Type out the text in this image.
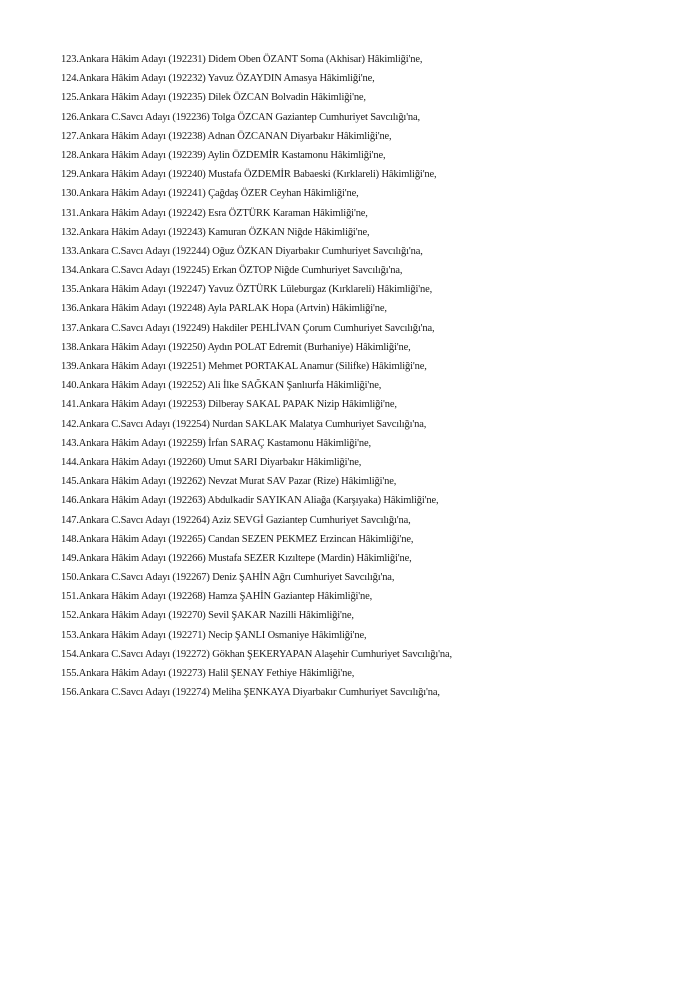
123.Ankara Hâkim Adayı (192231) Didem Oben ÖZANT Soma (Akhisar) Hâkimliği'ne,
124.Ankara Hâkim Adayı (192232) Yavuz ÖZAYDIN Amasya Hâkimliği'ne,
125.Ankara Hâkim Adayı (192235) Dilek ÖZCAN Bolvadin Hâkimliği'ne,
126.Ankara C.Savcı Adayı (192236) Tolga ÖZCAN Gaziantep Cumhuriyet Savcılığı'na,
127.Ankara Hâkim Adayı (192238) Adnan ÖZCANAN Diyarbakır Hâkimliği'ne,
128.Ankara Hâkim Adayı (192239) Aylin ÖZDEMİR Kastamonu Hâkimliği'ne,
129.Ankara Hâkim Adayı (192240) Mustafa ÖZDEMİR Babaeski (Kırklareli) Hâkimliği'ne,
130.Ankara Hâkim Adayı (192241) Çağdaş ÖZER Ceyhan Hâkimliği'ne,
131.Ankara Hâkim Adayı (192242) Esra ÖZTÜRK Karaman Hâkimliği'ne,
132.Ankara Hâkim Adayı (192243) Kamuran ÖZKAN Niğde Hâkimliği'ne,
133.Ankara C.Savcı Adayı (192244) Oğuz ÖZKAN Diyarbakır Cumhuriyet Savcılığı'na,
134.Ankara C.Savcı Adayı (192245) Erkan ÖZTOP Niğde Cumhuriyet Savcılığı'na,
135.Ankara Hâkim Adayı (192247) Yavuz ÖZTÜRK Lüleburgaz (Kırklareli) Hâkimliği'ne,
136.Ankara Hâkim Adayı (192248) Ayla PARLAK Hopa (Artvin) Hâkimliği'ne,
137.Ankara C.Savcı Adayı (192249) Hakdiler PEHLİVAN Çorum Cumhuriyet Savcılığı'na,
138.Ankara Hâkim Adayı (192250) Aydın POLAT Edremit (Burhaniye) Hâkimliği'ne,
139.Ankara Hâkim Adayı (192251) Mehmet PORTAKAL Anamur (Silifke) Hâkimliği'ne,
140.Ankara Hâkim Adayı (192252) Ali İlke SAĞKAN Şanlıurfa Hâkimliği'ne,
141.Ankara Hâkim Adayı (192253) Dilberay SAKAL PAPAK Nizip Hâkimliği'ne,
142.Ankara C.Savcı Adayı (192254) Nurdan SAKLAK Malatya Cumhuriyet Savcılığı'na,
143.Ankara Hâkim Adayı (192259) İrfan SARAÇ Kastamonu Hâkimliği'ne,
144.Ankara Hâkim Adayı (192260) Umut SARI Diyarbakır Hâkimliği'ne,
145.Ankara Hâkim Adayı (192262) Nevzat Murat SAV Pazar (Rize) Hâkimliği'ne,
146.Ankara Hâkim Adayı (192263) Abdulkadir SAYIKAN Aliağa (Karşıyaka) Hâkimliği'ne,
147.Ankara C.Savcı Adayı (192264) Aziz SEVGİ Gaziantep Cumhuriyet Savcılığı'na,
148.Ankara Hâkim Adayı (192265) Candan SEZEN PEKMEZ Erzincan Hâkimliği'ne,
149.Ankara Hâkim Adayı (192266) Mustafa SEZER Kızıltepe (Mardin) Hâkimliği'ne,
150.Ankara C.Savcı Adayı (192267) Deniz ŞAHİN Ağrı Cumhuriyet Savcılığı'na,
151.Ankara Hâkim Adayı (192268) Hamza ŞAHİN Gaziantep Hâkimliği'ne,
152.Ankara Hâkim Adayı (192270) Sevil ŞAKAR Nazilli Hâkimliği'ne,
153.Ankara Hâkim Adayı (192271) Necip ŞANLI Osmaniye Hâkimliği'ne,
154.Ankara C.Savcı Adayı (192272) Gökhan ŞEKERYAPAN Alaşehir Cumhuriyet Savcılığı'na,
155.Ankara Hâkim Adayı (192273) Halil ŞENAY Fethiye Hâkimliği'ne,
156.Ankara C.Savcı Adayı (192274) Meliha ŞENKAYA Diyarbakır Cumhuriyet Savcılığı'na,
